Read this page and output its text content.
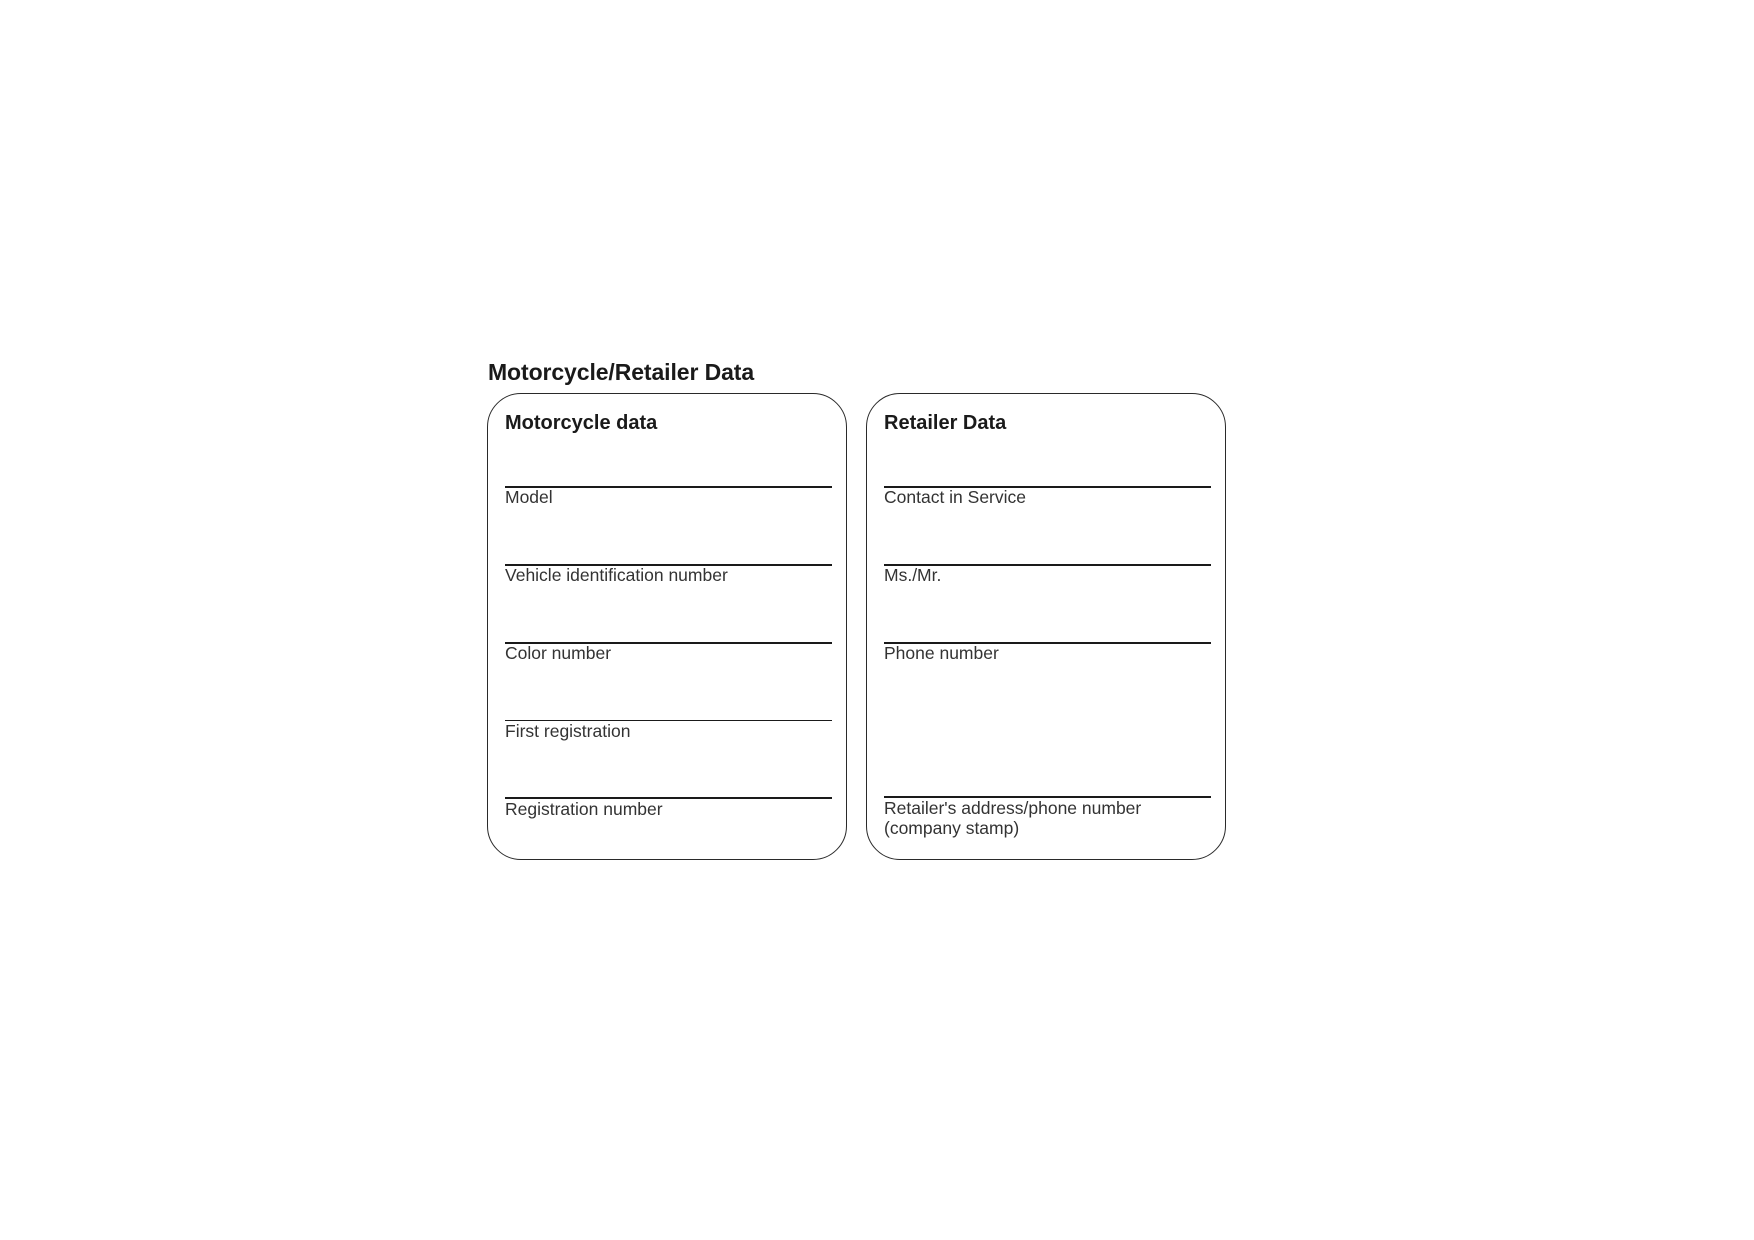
Motorcycle/Retailer Data
Motorcycle data
Model
Vehicle identification number
Color number
First registration
Registration number
Retailer Data
Contact in Service
Ms./Mr.
Phone number
Retailer's address/phone number
(company stamp)
